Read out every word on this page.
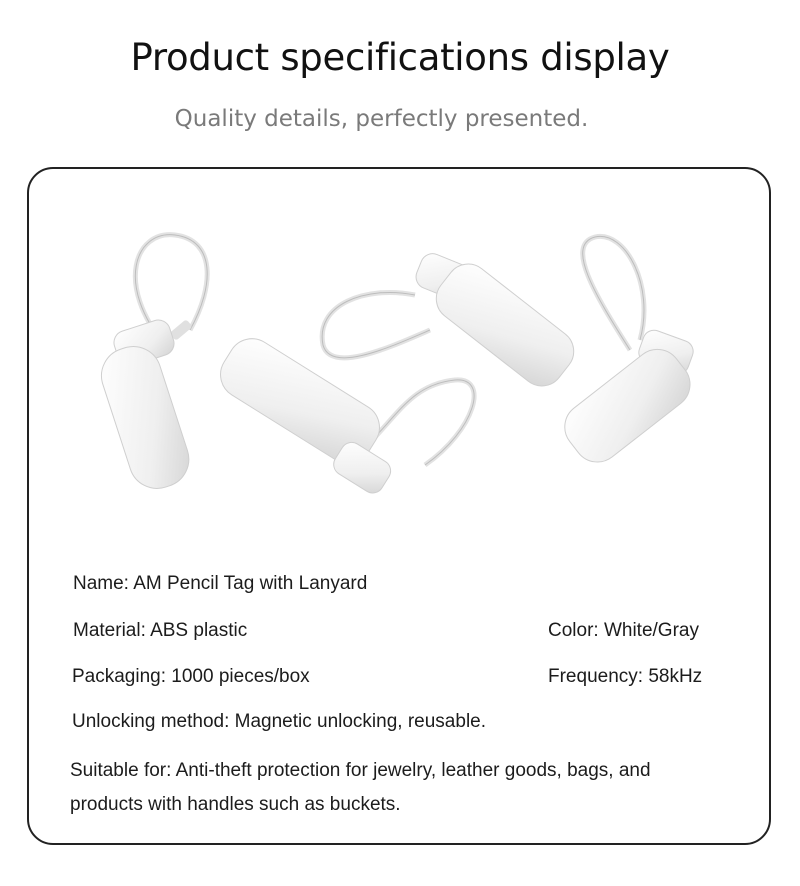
Product specifications display
Quality details, perfectly presented.
Name: AM Pencil Tag with Lanyard
Material: ABS plastic	Color: White/Gray
Packaging: 1000 pieces/box	Frequency: 58kHz
Unlocking method: Magnetic unlocking, reusable.
Suitable for: Anti-theft protection for jewelry, leather goods, bags, and products with handles such as buckets.
